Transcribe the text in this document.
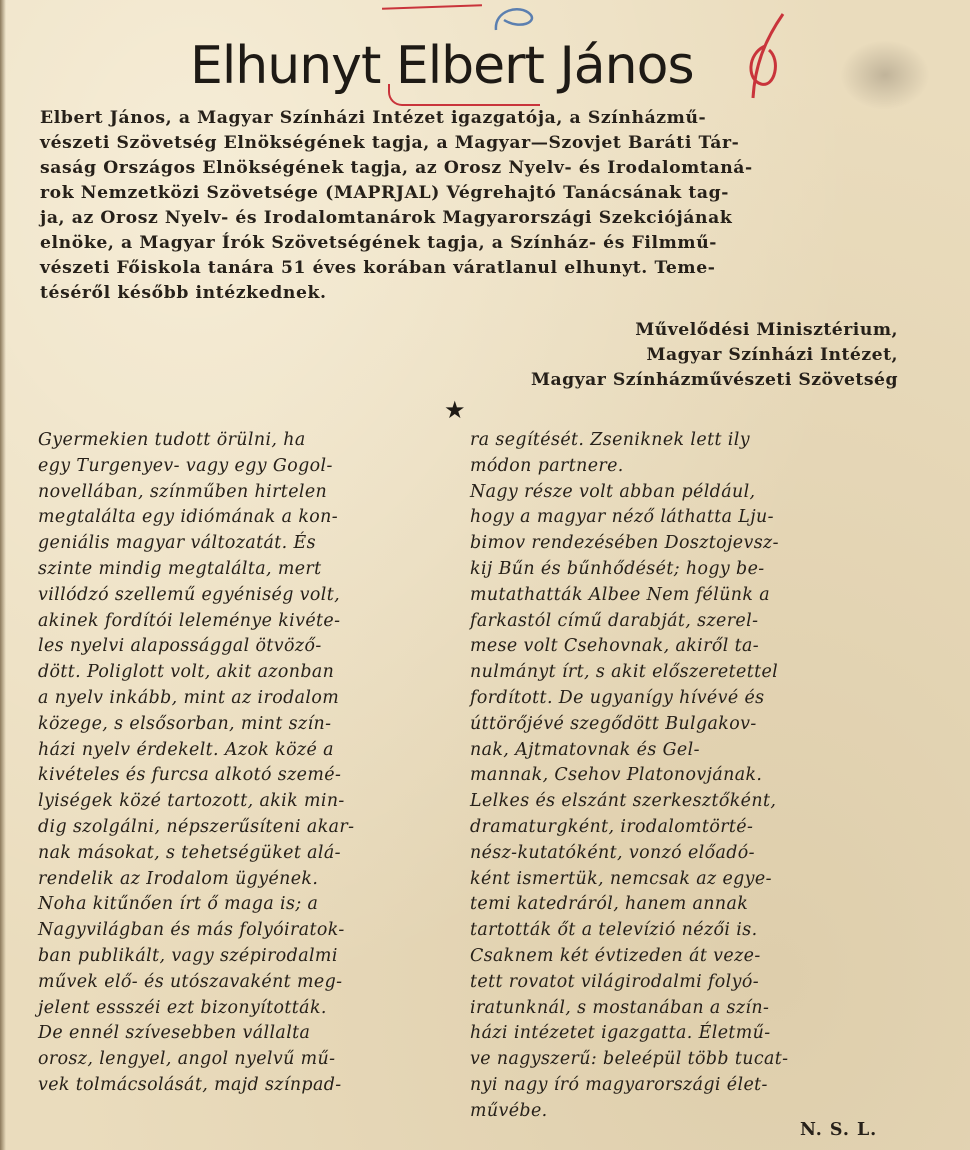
Elhunyt Elbert János
Elbert János, a Magyar Színházi Intézet igazgatója, a Színházmű-
vészeti Szövetség Elnökségének tagja, a Magyar—Szovjet Baráti Tár-
saság Országos Elnökségének tagja, az Orosz Nyelv- és Irodalomtaná-
rok Nemzetközi Szövetsége (MAPRJAL) Végrehajtó Tanácsának tag-
ja, az Orosz Nyelv- és Irodalomtanárok Magyarországi Szekciójának
elnöke, a Magyar Írók Szövetségének tagja, a Színház- és Filmmű-
vészeti Főiskola tanára 51 éves korában váratlanul elhunyt. Teme-
téséről később intézkednek.
Művelődési Minisztérium,
Magyar Színházi Intézet,
Magyar Színházművészeti Szövetség
★
Gyermekien tudott örülni, ha
egy Turgenyev- vagy egy Gogol-
novellában, színműben hirtelen
megtalálta egy idiómának a kon-
geniális magyar változatát. És
szinte mindig megtalálta, mert
villódzó szellemű egyéniség volt,
akinek fordítói leleménye kivéte-
les nyelvi alapossággal ötvöző-
dött. Poliglott volt, akit azonban
a nyelv inkább, mint az irodalom
közege, s elsősorban, mint szín-
házi nyelv érdekelt. Azok közé a
kivételes és furcsa alkotó szemé-
lyiségek közé tartozott, akik min-
dig szolgálni, népszerűsíteni akar-
nak másokat, s tehetségüket alá-
rendelik az Irodalom ügyének.
Noha kitűnően írt ő maga is; a
Nagyvilágban és más folyóiratok-
ban publikált, vagy szépirodalmi
művek elő- és utószavaként meg-
jelent essszéi ezt bizonyították.
De ennél szívesebben vállalta
orosz, lengyel, angol nyelvű mű-
vek tolmácsolását, majd színpad-
ra segítését. Zseniknek lett ily
módon partnere.
Nagy része volt abban például,
hogy a magyar néző láthatta Lju-
bimov rendezésében Dosztojevsz-
kij Bűn és bűnhődését; hogy be-
mutathatták Albee Nem félünk a
farkastól című darabját, szerel-
mese volt Csehovnak, akiről ta-
nulmányt írt, s akit előszeretettel
fordított. De ugyanígy hívévé és
úttörőjévé szegődött Bulgakov-
nak, Ajtmatovnak és Gel-
mannak, Csehov Platonovjának.
Lelkes és elszánt szerkesztőként,
dramaturgként, irodalomtörté-
nész-kutatóként, vonzó előadó-
ként ismertük, nemcsak az egye-
temi katedráról, hanem annak
tartották őt a televízió nézői is.
Csaknem két évtizeden át veze-
tett rovatot világirodalmi folyó-
iratunknál, s mostanában a szín-
házi intézetet igazgatta. Életmű-
ve nagyszerű: beleépül több tucat-
nyi nagy író magyarországi élet-
művébe.
N. S. L.
